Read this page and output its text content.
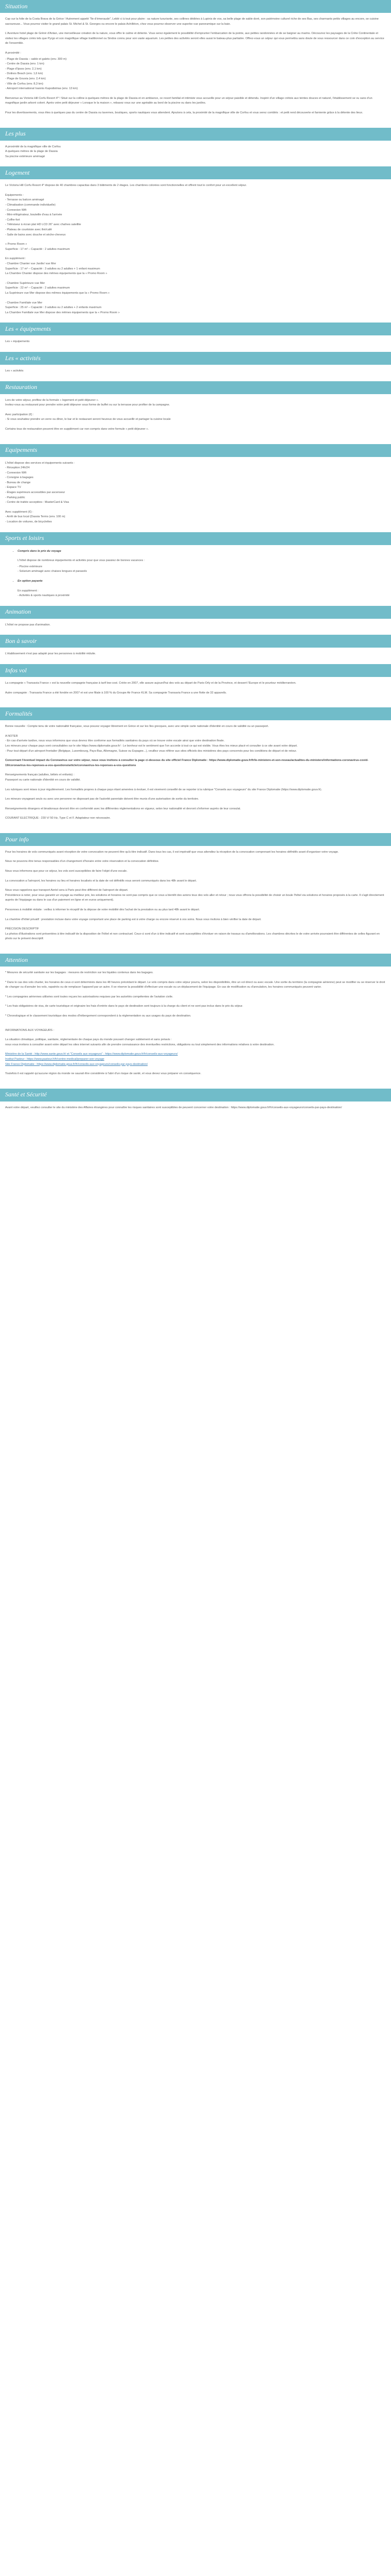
Situation

Cap sur la folie de la Costa Brava de la Grèce ! Autrement appelé "île d'émeraude", Leblé ci à tout pour plaire : sa nature luxuriante, ses collines dédiées à Lupinis de vos, sa belle plage de sable doré, son patrimoine culturel riche de ses Bas, ses charmants petits villages au encore, se cuisine savoureuse... Vous pourrez visiter le grand palais St. Michel & St. Georges ou encore le palais Achilléion, chez vous pourrez observer une superbe vue panoramique sur la baie.

L'Aventure hotel plage de Gréné d'Antan, une merveilleuse création de la nature, vous offre le calme et détente. Vous serez également le possibilité d'emprunter l'embarcation de la pointe, aux petites randonnées et de se baigner au marins. Découvrez les paysages de la Crète Continentale et visitez les villages créés tels que Pyrgo et son magnifique village traditionnel ou Sindos connu pour son vaste aquarium. Les petites des activités seront elles aussi le bateau-plus partiatire. Offrez-vous un séjour qui vous permettra sans doute de vous ressourcer dans ce coin d'exception au service de l'ensemble.

A proximité :

- Plage de Dassia – sable et galets (env. 300 m)
- Centre de Dassia (env. 1 km)
- Plage d'Ipsos (env. 2,1 km)
- Dolinos Beach (env. 1,6 km)
- Plage de Gouvia (env. 2,4 km)
- Ville de Corfou (env. 8,3 km)
- Aéroport international Ioannis Kapodistrias (env. 13 km)

Bienvenue au Victoria Hill Corfu Resort 4* ! Situé sur la colline à quelques mètres de la plage de Dassia et en ambiance, ce resort familial et intimiste vous accueille pour un séjour paisible et détendu. Inspiré d'un village crétois aux teintes douces et naturel, l'établissement se vu sans d'un magnifique jardin arboré coloré. Après votre petit déjeuner « Lorsque le la maison », rebasez vous sur une agréable au bord de la piscine ou dans les jardins.

Pour les divertissements, vous êtes à quelques pas du centre de Dassia ou tavernes, boutiques, sports nautiques vous attendent. Ajoutons à cela, la proximité de la magnifique ville de Corfou et vous serez comblés : et petit rend découverte et farniente grâce à la détente des lieux.

Les plus
A proximité de la magnifique ville de Corfou
A quelques mètres de la plage de Dassia
Sa piscine extérieure aménagé
Logement

Le Victoria Hill Corfu Resort 4* dispose de 40 chambres capacitas dans 3 bâtiments de 2 étages. Les chambres colorées sont fonctionnelles et offrent tout le confort pour un excellent séjour.

Equipements :
- Terrasse ou balcon aménagé
- Climatisation (commande individuelle)
- Connexion Wifi
- Mini-réfrigérateur, bouteille d'eau à l'arrivée
- Coffre-fort
- Téléviseur à écran plat HD LCD 26" avec chaînes satellite
- Plateau de courtoisie avec thé/café
- Salle de bains avec douche et sèche-cheveux
« Promo Room »
Superficie : 17 m² – Capacité : 2 adultes maximum
En supplément :
- Chambre Chanter vue Jardin/ vue Mer
Superficie : 17 m² – Capacité : 3 adultes ou 2 adultes + 1 enfant maximum
La Chambre Chanter dispose des mêmes équipements que la « Promo Room »
- Chambre Supérieure vue Mer
Superficie : 22 m² – Capacité : 2 adultes maximum
La Supérieure vue Mer dispose des mêmes équipements que la « Promo Room »
- Chambre Familiale vue Mer
Superficie : 25 m² – Capacité : 3 adultes ou 2 adultes + 2 enfants maximum
La Chambre Familiale vue Mer dispose des mêmes équipements que la « Promo Room »
Les « équipements
Les « équipements
Les « activités
Les « activités
Restauration
Lors de votre séjour, profitez de la formule « logement et petit déjeuner ».

Invitez-vous au restaurant pour prendre votre petit déjeuner sous forme de buffet ou sur la terrasse pour profiter de la campagne.

Avec participation (€) :

- Si vous souhaitez prendre un verre ou dîner, le bar et le restaurant seront heureux de vous accueillir et partager la cuisine locale

Certains tous de restauration peuvent être en supplément car non compris dans votre formule « petit déjeuner ».

Equipements
L'hôtel dispose des services et équipements suivants :
- Réception 24h/24
- Connexion Wifi
- Consigne à bagages
- Bureau de change
- Espace TV
- Étages supérieurs accessibles par ascenseur
- Parking public
- Centre de traitée acceptées : MasterCard & Visa
Avec supplément (€) :
- Arrêt de bus local (Dassia Terms (env. 100 m)
- Location de voitures, de bicyclettes
Sports et loisirs
• Compris dans le prix du voyage

L'hôtel dispose de nombreux équipements et activités pour que vous passiez de bonnes vacances :

- Piscine extérieure
- Solarium aménagé avec chaises longues et parasols
• En option payante
En supplément :
- Activités & sports nautiques à proximité
Animation
L'hôtel ne propose pas d'animation.
Bon à savoir
L'établissement n'est pas adapté pour les personnes à mobilité réduite.
Infos vol

La compagnie « Transavia France » est la nouvelle compagnie française à tarif low-cost. Créée en 2007, elle assure aujourd'hui des vols au départ de Paris-Orly et de la Province, et dessert l'Europe et le pourtour méditerranéen.

Autre compagnie : Transavia France a été fondée en 2007 et est une filiale à 100 % du Groupe Air France KLM. Sa compagnie Transavia France a une flotte de 32 appareils.

Formalités

Bonne nouvelle : Compte tenu de votre nationalité française, vous pouvez voyager librement en Grèce et sur les îles grecques, avec une simple carte nationale d'identité en cours de validité ou un passeport.

A NOTER
- En cas d'arrivée tardive, nous vous informons que vous devrez être conforme aux formalités sanitaires du pays où se trouve votre escale ainsi que votre destination finale.
Les mineurs pour chaque pays sont consultables sur le site https://www.diplomatie.gouv.fr/ : Le bonheur est le sentiment que l'on accorde à tout ce qui est visible. Vous êtes les mieux placé et consulter à ce site avant votre départ.

- Pour tout départ d'un aéroport frontalier (Belgique, Luxembourg, Pays-Bas, Allemagne, Suisse ou Espagne...), veuillez vous référer aux sites officiels des ministères des pays concernés pour les conditions de départ et de retour.

Concernant l'éventuel impact du Coronavirus sur votre séjour, nous vous invitons à consulter la page ci-dessous du site officiel France Diplomatie : https://www.diplomatie.gouv.fr/fr/le-ministere-et-son-reseau/actualites-du-ministere/informations-coronavirus-covid-19/coronavirus-les-reponses-a-vos-questions/article/coronavirus-les-reponses-a-vos-questions

Renseignements français (adultes, bébés et enfants) :

Passeport ou carte nationale d'identité en cours de validité.

Les rubriques sont mises à jour régulièrement. Les formalités propres à chaque pays étant amenées à évoluer, il est vivement conseillé de se reporter à la rubrique "Conseils aux voyageurs" du site France Diplomatie (https://www.diplomatie.gouv.fr).

Les mineurs voyageant seuls ou avec une personne ne disposant pas de l'autorité parentale doivent être munis d'une autorisation de sortie du territoire.

Renseignements étrangers et binationaux devront être en conformité avec les différentes réglementations en vigueur, selon leur nationalité et devront s'informer auprès de leur consulat.

COURANT ELECTRIQUE : 230 V/ 50 Hz, Type C et F. Adaptateur non nécessaire.

Pour info

Pour les horaires de vols communiqués avant réception de votre convocation ne peuvent être qu'à titre indicatif. Dans tous les cas, il est impératif que vous attendiez la réception de la convocation comprenant les horaires définitifs avant d'organiser votre voyage.

Nous ne pouvons être tenus responsables d'un changement d'horaire entre votre réservation et la convocation définitive.

Nous vous informons que pour ce séjour, les vols sont susceptibles de faire l'objet d'une escale.

La convocation a l'aéroport, les horaires ou lieu et horaires localisés et la date de vol définitifs vous seront communiqués dans les 48h avant le départ.

Nous vous rappelons que transport Aeriel sera à Paris peut être différent de l'aéroport de départ.

Précédence à noter, pour vous garantir un voyage au meilleur prix, les solutions et horaires ne sont pas compris que ce vous a bientôt des avions tous des vols aller et retour ; nous vous offrons la possibilité de choisir un boule l'hôtel via solutions et horaires proposés à la carte. Il s'agit directement auprès de l'équipage ou dans le cas d'un paiement en ligne et en euros uniquement).

Personnes à mobilité réduite : veillez à informer le réceptif de la dépose de votre mobilité dès l'achat de la prestation ou au plus tard 48h avant le départ.

La chambre d'hôtel privatif : prestation incluse dans votre voyage comportant une place de parking est à votre charge ou encore réservé à vos soins. Nous vous invitons à bien vérifier la date de départ.

PRÉCISION DESCRIPTIF

La photos d'illustrations sont présentées à titre indicatif de la disposition de l'hôtel et non contractuel. Ceux-ci sont d'un à titre indicatif et sont susceptibles d'évoluer en raison de travaux ou d'améliorations. Les chambres décrites le de votre arrivée pourraient être différentes de celles figurant en photo sur le présent descriptif.

Attention

* Mesures de sécurité sanitaire sur les bagages : mesures de restriction sur les liquides contenus dans les bagages.

* Dans le cas des vols charter, les horaires de ceux-ci sont déterminés dans les 48 heures précédant le départ. Le vols compris dans votre séjour pourra, selon les disponibilités, être un vol direct ou avec escale. Une sortie du territoire (la compagnie aérienne) peut se modifier ou se réserver le droit de changer ou d'annuler les vols, rapatriés ou de remplacer l'appareil par un autre. Il se réserve la possibilité d'effectuer une escale ou un déplacement de l'équipage. En cas de modification ou d'annulation, les horaires communiqués peuvent varier.

* Les compagnies aériennes utilisées sont toutes reçues les autorisations requises par les autorités compétentes de l'aviation civile.

* Les frais obligatoires de visa, de carte touristique et originaire les frais d'entrée dans le pays de destination sont toujours à la charge du client et ne sont pas inclus dans le prix du séjour.

* Chronologique et le classement touristique des modes d'hébergement correspondent à la réglementation ou aux usages du pays de destination.

INFORMATIONS AUX VOYAGEURS :

La situation climatique, politique, sanitaire, réglementaire de chaque pays du monde pouvant changer subitement et sans préavis :

nous vous invitons à consulter avant votre départ les sites internet suivants afin de prendre connaissance des éventuelles restrictions, obligations ou tout simplement des informations relatives à votre destination.

Ministère de la Santé : http://www.sante.gouv.fr/ et "Conseils aux voyageurs" : https://www.diplomatie.gouv.fr/fr/conseils-aux-voyageurs/
Institut Pasteur : https://www.pasteur.fr/fr/centre-medical/preparer-son-voyage

Site France Diplomatie : https://www.diplomatie.gouv.fr/fr/conseils-aux-voyageurs/conseils-par-pays-destination/

Toutefois il est rappelé qu'aucune région du monde ne saurait être considérée à l'abri d'un risque de santé, et vous devez vous préparer en conséquence.

Santé et Sécurité

Avant votre départ, veuillez consulter le site du ministère des Affaires étrangères pour connaître les risques sanitaires sont susceptibles de peuvent concerner votre destination : https://www.diplomatie.gouv.fr/fr/conseils-aux-voyageurs/conseils-par-pays-destination/
